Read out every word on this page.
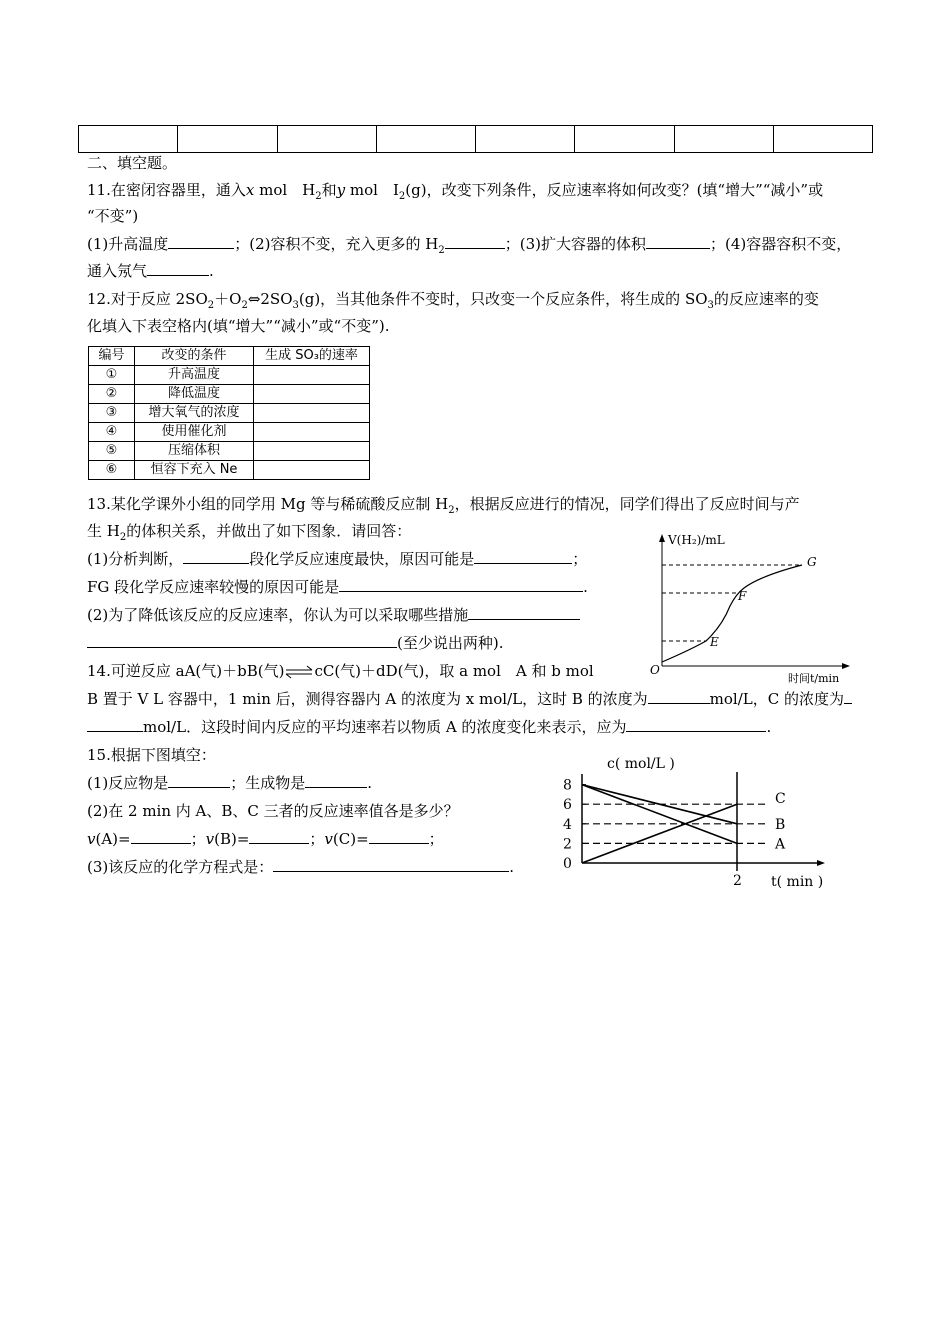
二、填空题。
11.在密闭容器里，通入x mol　$H_2$和y mol　$I_2(g)$，改变下列条件，反应速率将如何改变？(填“增大”“减小”或
“不变”)
(1)升高温度	；(2)容积不变，充入更多的 $H_2$	；(3)扩大容器的体积	；(4)容器容积不变，
通入氖气	.
12.对于反应 $2SO_2+O_2\Leftrightarrow 2SO_3(g)$，当其他条件不变时，只改变一个反应条件，将生成的 $SO_3$的反应速率的变
化填入下表空格内(填“增大”“减小”或“不变”).
编号	改变的条件	生成 SO₃的速率
①	升高温度	
②	降低温度	
③	增大氧气的浓度	
④	使用催化剂	
⑤	压缩体积	
⑥	恒容下充入 Ne	
13.某化学课外小组的同学用 Mg 等与稀硫酸反应制 $H_2$，根据反应进行的情况，同学们得出了反应时间与产
生 $H_2$的体积关系，并做出了如下图象．请回答：
(1)分析判断，	段化学反应速度最快，原因可能是	；
FG 段化学反应速率较慢的原因可能是	.
(2)为了降低该反应的反应速率，你认为可以采取哪些措施
(至少说出两种).
V(H₂)/mL
时间t/min
O
E
F
G
14.可逆反应 aA(气)＋bB(气)⇌cC(气)＋dD(气)，取 a mol　A 和 b mol
B 置于 V L 容器中，1 min 后，测得容器内 A 的浓度为 x mol/L，这时 B 的浓度为	mol/L，C 的浓度为
mol/L．这段时间内反应的平均速率若以物质 A 的浓度变化来表示，应为	.
15.根据下图填空：
(1)反应物是	；生成物是	.
(2)在 2 min 内 A、B、C 三者的反应速率值各是多少？
v(A)=	；v(B)=	；v(C)=	；
(3)该反应的化学方程式是：	.
c( mol/L )
t( min )
8
6
4
2
0
2
A
B
C
